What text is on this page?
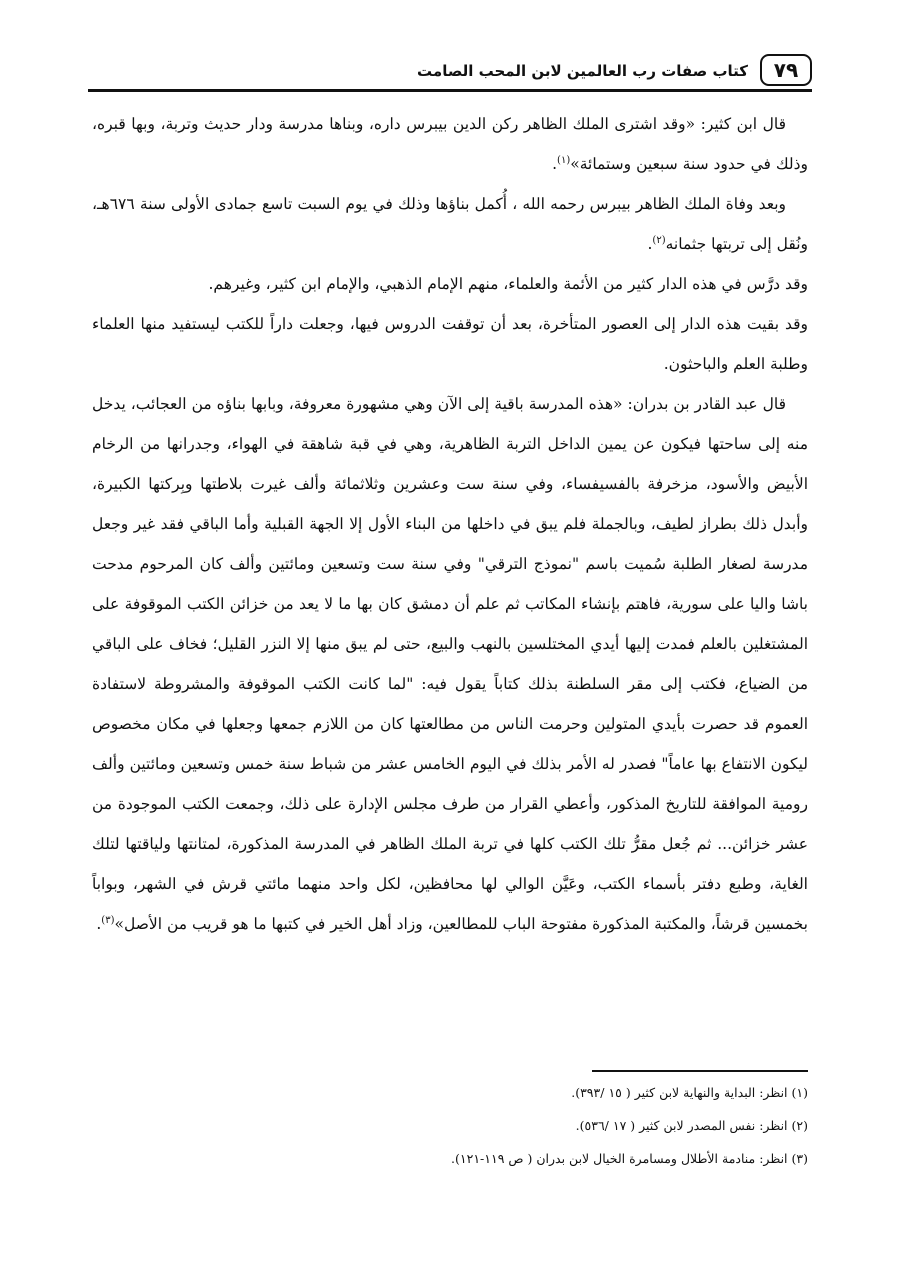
٧٩
كتاب صفات رب العالمين لابن المحب الصامت

قال ابن كثير: «وقد اشترى الملك الظاهر ركن الدين بيبرس داره، وبناها مدرسة ودار حديث وتربة، وبها قبره، وذلك في حدود سنة سبعين وستمائة»$^{(١)}$.

وبعد وفاة الملك الظاهر بيبرس رحمه الله ، أُكمل بناؤها وذلك في يوم السبت تاسع جمادى الأولى سنة ٦٧٦هـ، ونُقل إلى تربتها جثمانه$^{(٢)}$.

وقد درَّس في هذه الدار كثير من الأئمة والعلماء، منهم الإمام الذهبي، والإمام ابن كثير، وغيرهم.

وقد بقيت هذه الدار إلى العصور المتأخرة، بعد أن توقفت الدروس فيها، وجعلت داراً للكتب ليستفيد منها العلماء وطلبة العلم والباحثون.

قال عبد القادر بن بدران: «هذه المدرسة باقية إلى الآن وهي مشهورة معروفة، وبابها بناؤه من العجائب، يدخل منه إلى ساحتها فيكون عن يمين الداخل التربة الظاهرية، وهي في قبة شاهقة في الهواء، وجدرانها من الرخام الأبيض والأسود، مزخرفة بالفسيفساء، وفي سنة ست وعشرين وثلاثمائة وألف غيرت بلاطتها وبِركتها الكبيرة، وأبدل ذلك بطراز لطيف، وبالجملة فلم يبق في داخلها من البناء الأول إلا الجهة القبلية وأما الباقي فقد غير وجعل مدرسة لصغار الطلبة سُميت باسم "نموذج الترقي" وفي سنة ست وتسعين ومائتين وألف كان المرحوم مدحت باشا واليا على سورية، فاهتم بإنشاء المكاتب ثم علم أن دمشق كان بها ما لا يعد من خزائن الكتب الموقوفة على المشتغلين بالعلم فمدت إليها أيدي المختلسين بالنهب والبيع، حتى لم يبق منها إلا النزر القليل؛ فخاف على الباقي من الضياع، فكتب إلى مقر السلطنة بذلك كتاباً يقول فيه: "لما كانت الكتب الموقوفة والمشروطة لاستفادة العموم قد حصرت بأيدي المتولين وحرمت الناس من مطالعتها كان من اللازم جمعها وجعلها في مكان مخصوص ليكون الانتفاع بها عاماً" فصدر له الأمر بذلك في اليوم الخامس عشر من شباط سنة خمس وتسعين ومائتين وألف رومية الموافقة للتاريخ المذكور، وأعطي القرار من طرف مجلس الإدارة على ذلك، وجمعت الكتب الموجودة من عشر خزائن... ثم جُعل مقرُّ تلك الكتب كلها في تربة الملك الظاهر في المدرسة المذكورة، لمتانتها ولياقتها لتلك الغاية، وطبع دفتر بأسماء الكتب، وعَيَّن الوالي لها محافظين، لكل واحد منهما مائتي قرش في الشهر، وبواباً بخمسين قرشاً، والمكتبة المذكورة مفتوحة الباب للمطالعين، وزاد أهل الخير في كتبها ما هو قريب من الأصل»$^{(٣)}$.

(١) انظر: البداية والنهاية لابن كثير ( ١٥ /٣٩٣).

(٢) انظر: نفس المصدر لابن كثير ( ١٧ /٥٣٦).

(٣) انظر: منادمة الأطلال ومسامرة الخيال لابن بدران ( ص ١١٩-١٢١).
